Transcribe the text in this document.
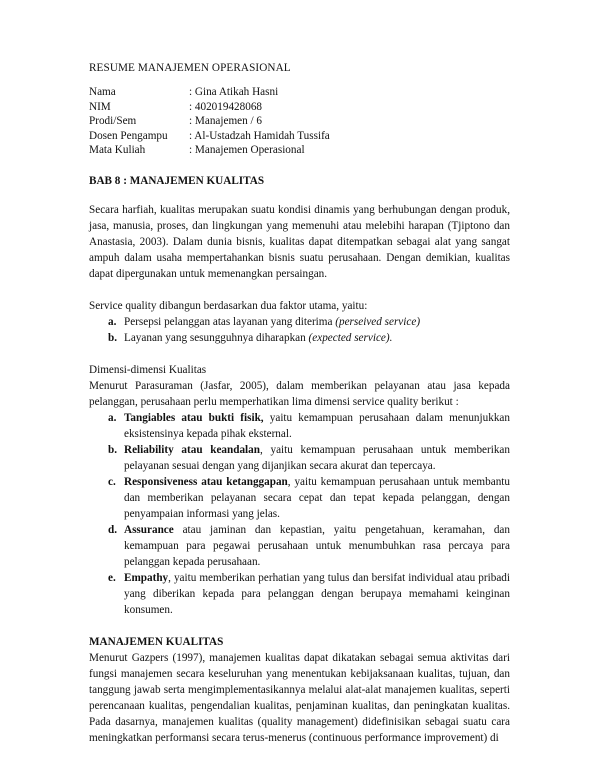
RESUME MANAJEMEN OPERASIONAL
Nama	: Gina Atikah Hasni
NIM	: 402019428068
Prodi/Sem	: Manajemen / 6
Dosen Pengampu	: Al-Ustadzah Hamidah Tussifa
Mata Kuliah	: Manajemen Operasional
BAB 8 : MANAJEMEN KUALITAS

Secara harfiah, kualitas merupakan suatu kondisi dinamis yang berhubungan dengan produk, jasa, manusia, proses, dan lingkungan yang memenuhi atau melebihi harapan (Tjiptono dan Anastasia, 2003). Dalam dunia bisnis, kualitas dapat ditempatkan sebagai alat yang sangat ampuh dalam usaha mempertahankan bisnis suatu perusahaan. Dengan demikian, kualitas dapat dipergunakan untuk memenangkan persaingan.

Service quality dibangun berdasarkan dua faktor utama, yaitu:

a. Persepsi pelanggan atas layanan yang diterima (perseived service)
b. Layanan yang sesungguhnya diharapkan (expected service).

Dimensi-dimensi Kualitas

Menurut Parasuraman (Jasfar, 2005), dalam memberikan pelayanan atau jasa kepada pelanggan, perusahaan perlu memperhatikan lima dimensi service quality berikut :

a. Tangiables atau bukti fisik, yaitu kemampuan perusahaan dalam menunjukkan eksistensinya kepada pihak eksternal.
b. Reliability atau keandalan, yaitu kemampuan perusahaan untuk memberikan pelayanan sesuai dengan yang dijanjikan secara akurat dan tepercaya.
c. Responsiveness atau ketanggapan, yaitu kemampuan perusahaan untuk membantu dan memberikan pelayanan secara cepat dan tepat kepada pelanggan, dengan penyampaian informasi yang jelas.
d. Assurance atau jaminan dan kepastian, yaitu pengetahuan, keramahan, dan kemampuan para pegawai perusahaan untuk menumbuhkan rasa percaya para pelanggan kepada perusahaan.
e. Empathy, yaitu memberikan perhatian yang tulus dan bersifat individual atau pribadi yang diberikan kepada para pelanggan dengan berupaya memahami keinginan konsumen.
MANAJEMEN KUALITAS

Menurut Gazpers (1997), manajemen kualitas dapat dikatakan sebagai semua aktivitas dari fungsi manajemen secara keseluruhan yang menentukan kebijaksanaan kualitas, tujuan, dan tanggung jawab serta mengimplementasikannya melalui alat-alat manajemen kualitas, seperti perencanaan kualitas, pengendalian kualitas, penjaminan kualitas, dan peningkatan kualitas. Pada dasarnya, manajemen kualitas (quality management) didefinisikan sebagai suatu cara meningkatkan performansi secara terus-menerus (continuous performance improvement) di
